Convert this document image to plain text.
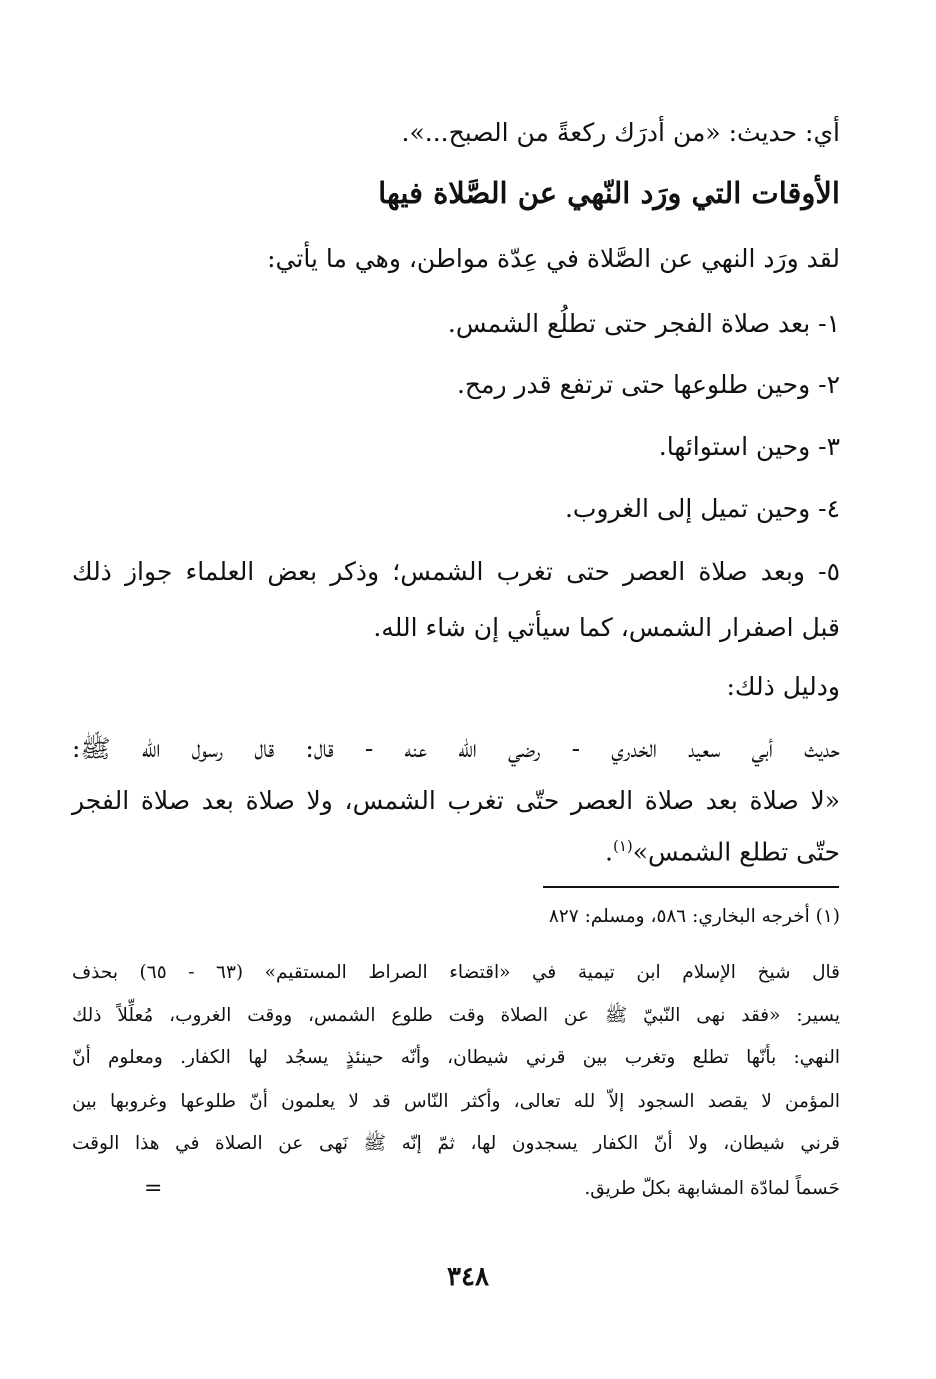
أي: حديث: «من أدرَك ركعةً من الصبح...».
الأوقات التي ورَد النّهي عن الصَّلاة فيها
لقد ورَد النهي عن الصَّلاة في عِدّة مواطن، وهي ما يأتي:
١- بعد صلاة الفجر حتى تطلُع الشمس.
٢- وحين طلوعها حتى ترتفع قدر رمح.
٣- وحين استوائها.
٤- وحين تميل إلى الغروب.
٥- وبعد صلاة العصر حتى تغرب الشمس؛ وذكر بعض العلماء جواز ذلك
قبل اصفرار الشمس، كما سيأتي إن شاء الله.
ودليل ذلك:
حديث أبي سعيد الخدري - رضي الله عنه - قال: قال رسول الله ﷺ:
«لا صلاة بعد صلاة العصر حتّى تغرب الشمس، ولا صلاة بعد صلاة الفجر
حتّى تطلع الشمس»$^{(١)}$.
(١) أخرجه البخاري: ٥٨٦، ومسلم: ٨٢٧
قال شيخ الإسلام ابن تيمية في «اقتضاء الصراط المستقيم» (٦٣ - ٦٥) بحذف
يسير: «فقد نهى النّبيّ ﷺ عن الصلاة وقت طلوع الشمس، ووقت الغروب، مُعلِّلاً ذلك
النهي: بأنّها تطلع وتغرب بين قرني شيطان، وأنّه حينئذٍ يسجُد لها الكفار. ومعلوم أنّ
المؤمن لا يقصد السجود إلاّ لله تعالى، وأكثر النّاس قد لا يعلمون أنّ طلوعها وغروبها بين
قرني شيطان، ولا أنّ الكفار يسجدون لها، ثمّ إنّه ﷺ نَهى عن الصلاة في هذا الوقت
حَسماً لمادّة المشابهة بكلّ طريق.
=
٣٤٨
